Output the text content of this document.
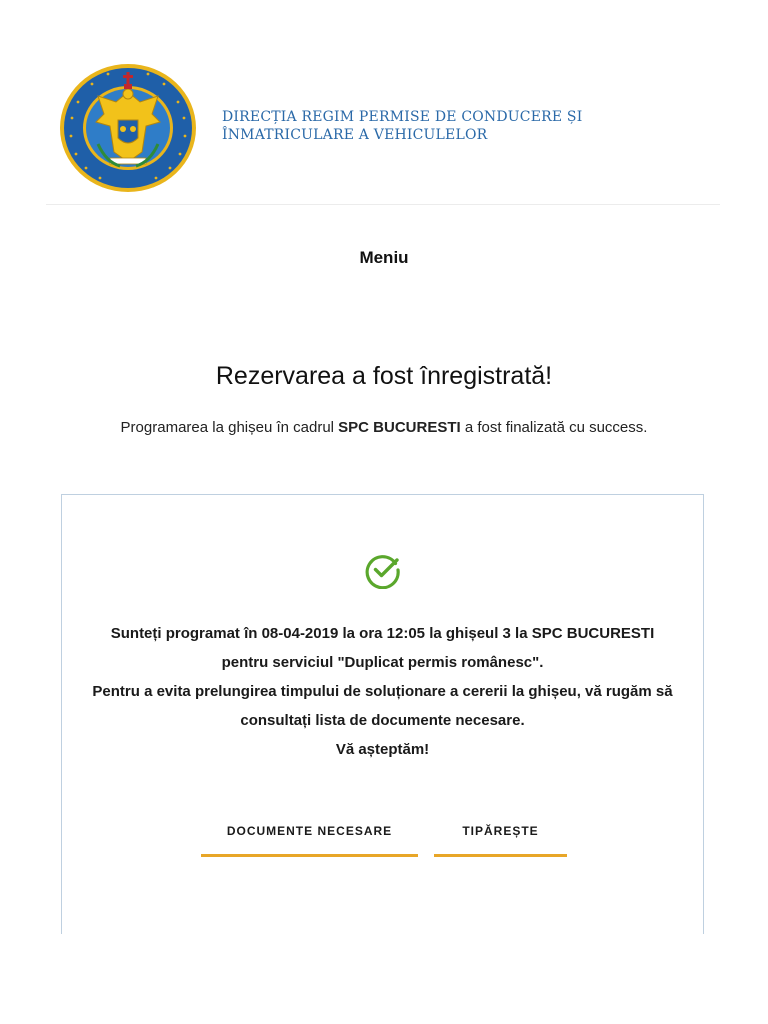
DIRECȚIA REGIM PERMISE DE CONDUCERE ȘI
ÎNMATRICULARE A VEHICULELOR
Meniu
Rezervarea a fost înregistrată!
Programarea la ghișeu în cadrul SPC BUCURESTI a fost finalizată cu success.
Sunteți programat în 08-04-2019 la ora 12:05 la ghișeul 3 la SPC BUCURESTI
pentru serviciul "Duplicat permis românesc".
Pentru a evita prelungirea timpului de soluționare a cererii la ghișeu, vă rugăm să
consultați lista de documente necesare.
Vă așteptăm!
DOCUMENTE NECESARE	TIPĂREȘTE
